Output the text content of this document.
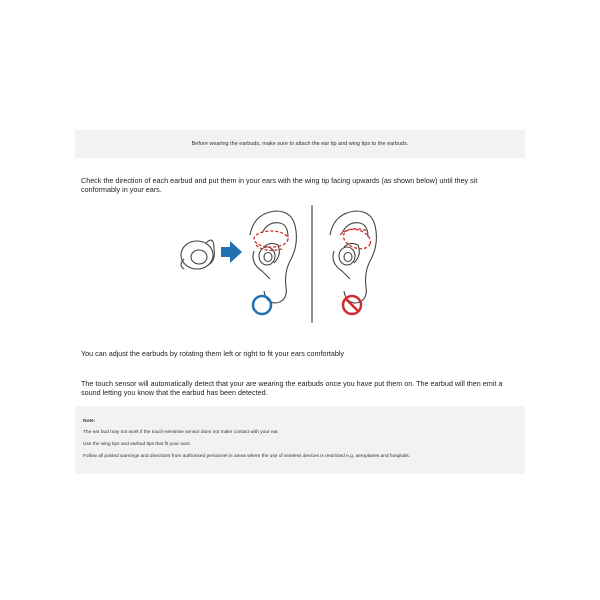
Before wearing the earbuds, make sure to attach the ear tip and wing tips to the earbuds.

Check the direction of each earbud and put them in your ears with the wing tip facing upwards (as shown below) until they sit conformably in your ears.

You can adjust the earbuds by rotating them left or right to fit your ears comfortably

The touch sensor will automatically detect that your are wearing the earbuds once you have put them on. The earbud will then emit a sound letting you know that the earbud has been detected.

Note:

The ear bud may not work if the touch-sensitive sensor does not make contact with your ear.

Use the wing tips and earbud tips that fit your ears.

Follow all posted warnings and directions from authorised personnel in areas where the use of wireless devices is restricted e.g. aeroplanes and hospitals.
